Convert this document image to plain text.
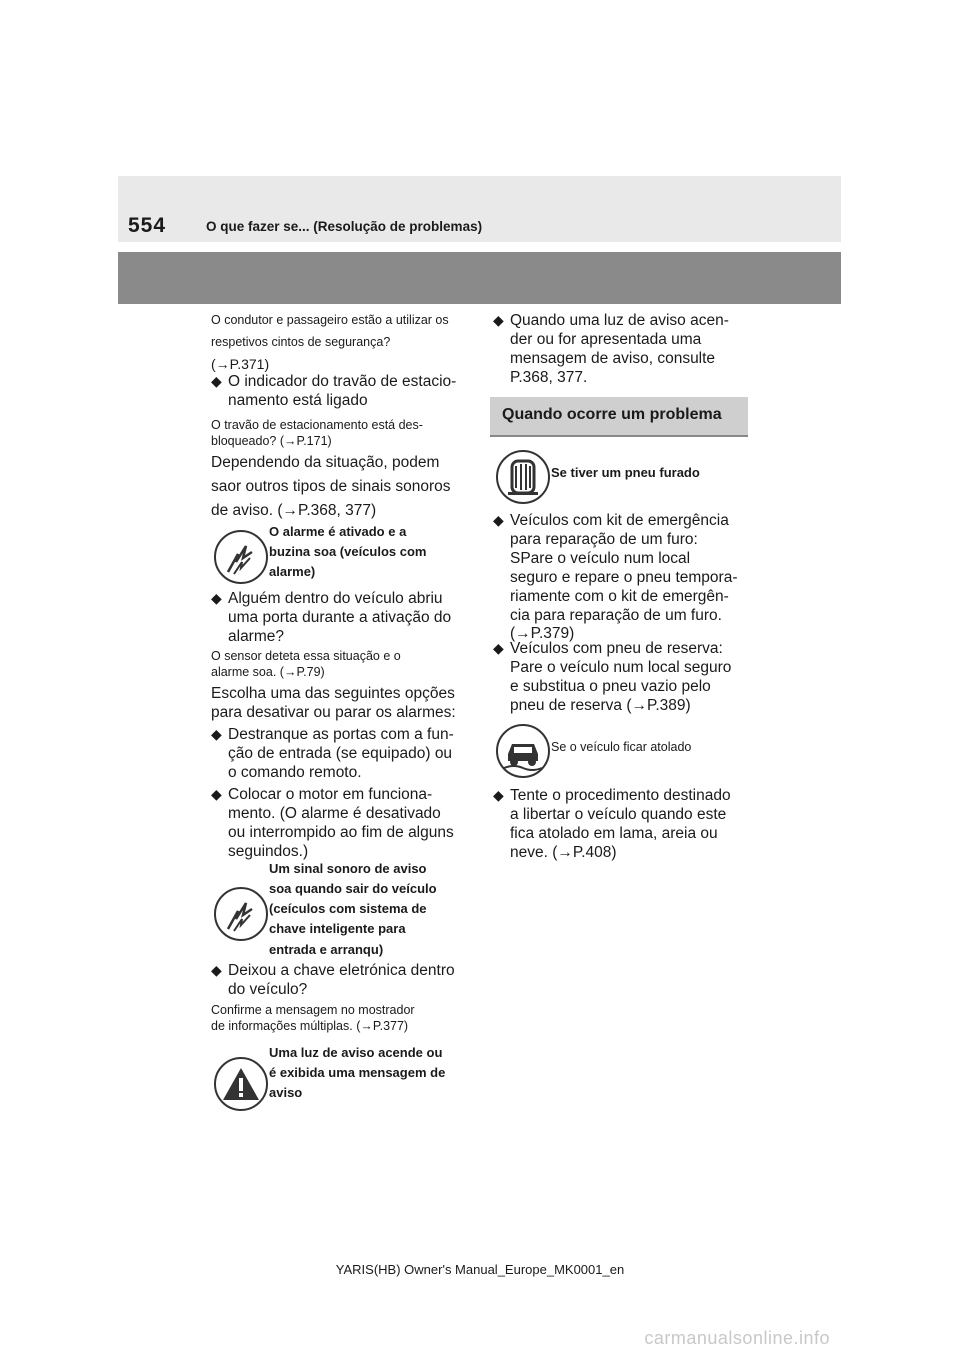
554	O que fazer se... (Resolução de problemas)
O condutor e passageiro estão a utilizar os
respetivos cintos de segurança?
(→P.371)
◆ O indicador do travão de estacio-
namento está ligado
O travão de estacionamento está des-
bloqueado? (→P.171)
Dependendo da situação, podem
saor outros tipos de sinais sonoros
de aviso. (→P.368, 377)
O alarme é ativado e a
buzina soa (veículos com
alarme)
◆ Alguém dentro do veículo abriu
uma porta durante a ativação do
alarme?
O sensor deteta essa situação e o
alarme soa. (→P.79)
Escolha uma das seguintes opções
para desativar ou parar os alarmes:
◆ Destranque as portas com a fun-
ção de entrada (se equipado) ou
o comando remoto.
◆ Colocar o motor em funciona-
mento. (O alarme é desativado
ou interrompido ao fim de alguns
seguindos.)
Um sinal sonoro de aviso
soa quando sair do veículo
(ceículos com sistema de
chave inteligente para
entrada e arranqu)
◆ Deixou a chave eletrónica dentro
do veículo?
Confirme a mensagem no mostrador
de informações múltiplas. (→P.377)
Uma luz de aviso acende ou
é exibida uma mensagem de
aviso
◆ Quando uma luz de aviso acen-
der ou for apresentada uma
mensagem de aviso, consulte
P.368, 377.
Quando ocorre um problema
Se tiver um pneu furado
◆ Veículos com kit de emergência
para reparação de um furo:
SPare o veículo num local
seguro e repare o pneu tempora-
riamente com o kit de emergên-
cia para reparação de um furo.
(→P.379)
◆ Veículos com pneu de reserva:
Pare o veículo num local seguro
e substitua o pneu vazio pelo
pneu de reserva (→P.389)
Se o veículo ficar atolado
◆ Tente o procedimento destinado
a libertar o veículo quando este
fica atolado em lama, areia ou
neve. (→P.408)
YARIS(HB) Owner's Manual_Europe_MK0001_en
carmanualsonline.info
